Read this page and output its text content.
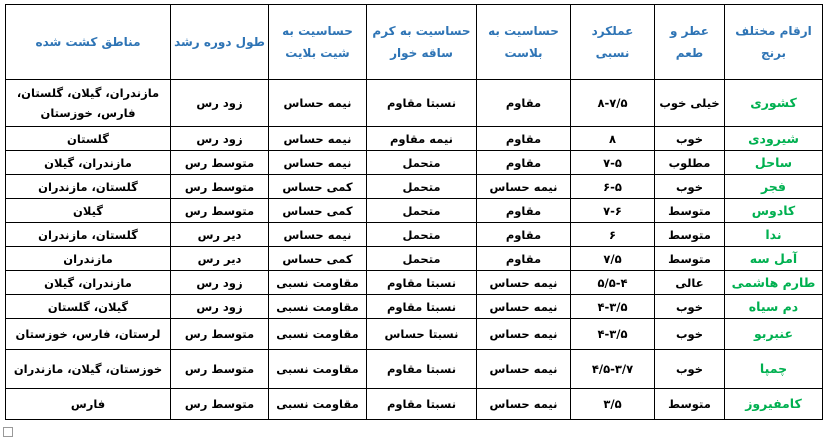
ارقام مختلف برنج	عطر و طعم	عملکرد نسبی	حساسیت به بلاست	حساسیت به کرم ساقه خوار	حساسیت به شیت بلایت	طول دوره رشد	مناطق کشت شده
کشوری	خیلی خوب	۸-۷/۵	مقاوم	نسبتا مقاوم	نیمه حساس	زود رس	مازندران، گیلان، گلستان، فارس، خوزستان
شیرودی	خوب	۸	مقاوم	نیمه مقاوم	نیمه حساس	زود رس	گلستان
ساحل	مطلوب	۷-۵	مقاوم	متحمل	نیمه حساس	متوسط رس	مازندران، گیلان
فجر	خوب	۶-۵	نیمه حساس	متحمل	کمی حساس	متوسط رس	گلستان، مازندران
کادوس	متوسط	۷-۶	مقاوم	متحمل	کمی حساس	متوسط رس	گیلان
ندا	متوسط	۶	مقاوم	متحمل	نیمه حساس	دیر رس	گلستان، مازندران
آمل سه	متوسط	۷/۵	مقاوم	متحمل	کمی حساس	دیر رس	مازندران
طارم هاشمی	عالی	۵/۵-۴	نیمه حساس	نسبتا مقاوم	مقاومت نسبی	زود رس	مازندران، گیلان
دم سیاه	خوب	۴-۳/۵	نیمه حساس	نسبتا مقاوم	مقاومت نسبی	زود رس	گیلان، گلستان
عنبربو	خوب	۴-۳/۵	نیمه حساس	نسبتا حساس	مقاومت نسبی	متوسط رس	لرستان، فارس، خوزستان
چمپا	خوب	۴/۵-۳/۷	نیمه حساس	نسبتا مقاوم	مقاومت نسبی	متوسط رس	خوزستان، گیلان، مازندران
کامفیروز	متوسط	۳/۵	نیمه حساس	نسبتا مقاوم	مقاومت نسبی	متوسط رس	فارس
